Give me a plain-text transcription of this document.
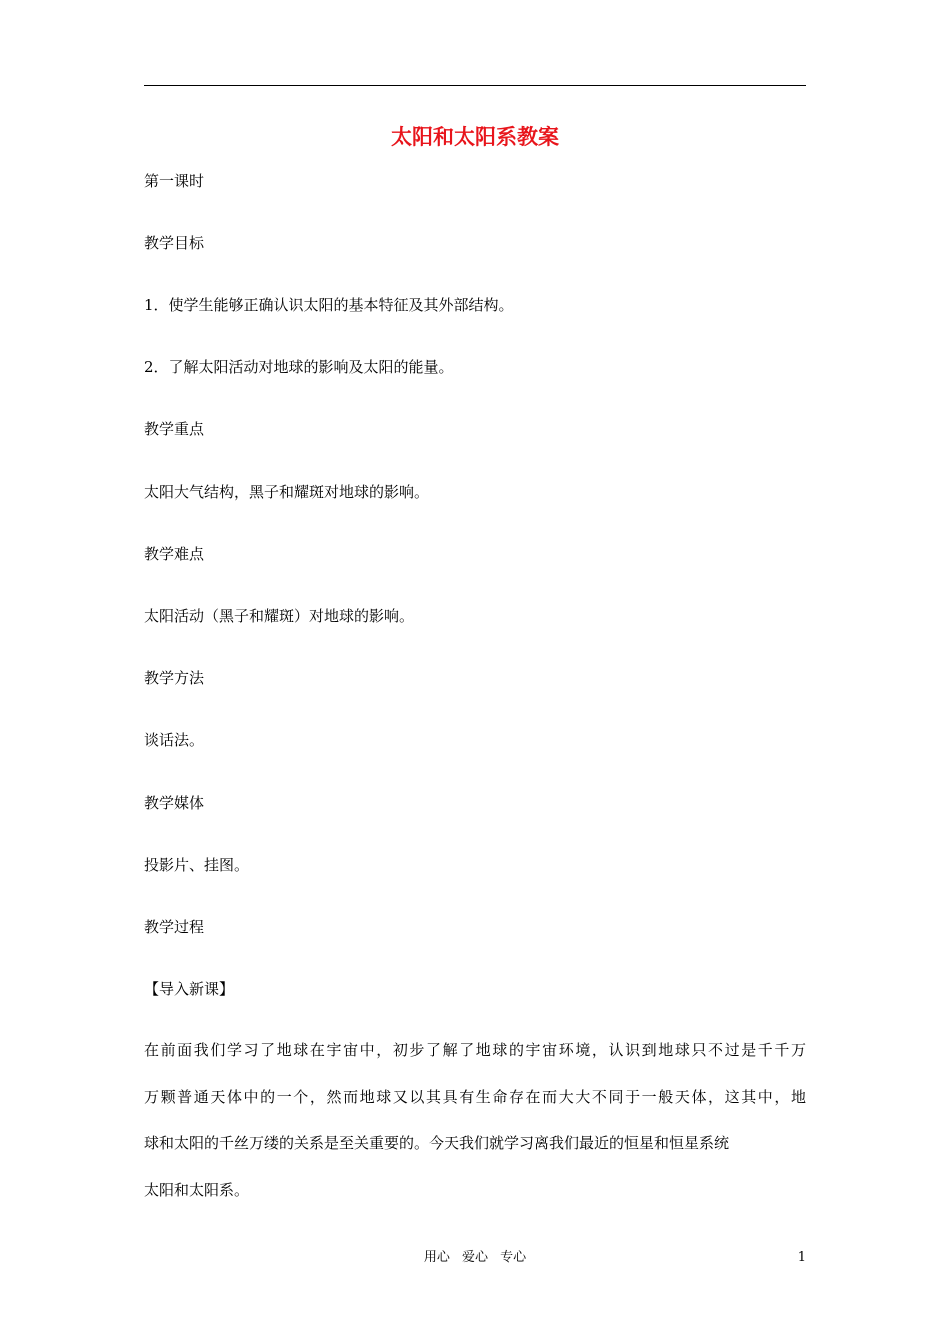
太阳和太阳系教案
第一课时
教学目标
1．使学生能够正确认识太阳的基本特征及其外部结构。
2．了解太阳活动对地球的影响及太阳的能量。
教学重点
太阳大气结构，黑子和耀斑对地球的影响。
教学难点
太阳活动（黑子和耀斑）对地球的影响。
教学方法
谈话法。
教学媒体
投影片、挂图。
教学过程
【导入新课】
在前面我们学习了地球在宇宙中，初步了解了地球的宇宙环境，认识到地球只不过是千千万
万颗普通天体中的一个，然而地球又以其具有生命存在而大大不同于一般天体，这其中，地
球和太阳的千丝万缕的关系是至关重要的。今天我们就学习离我们最近的恒星和恒星系统
太阳和太阳系。
用心 爱心 专心	1
